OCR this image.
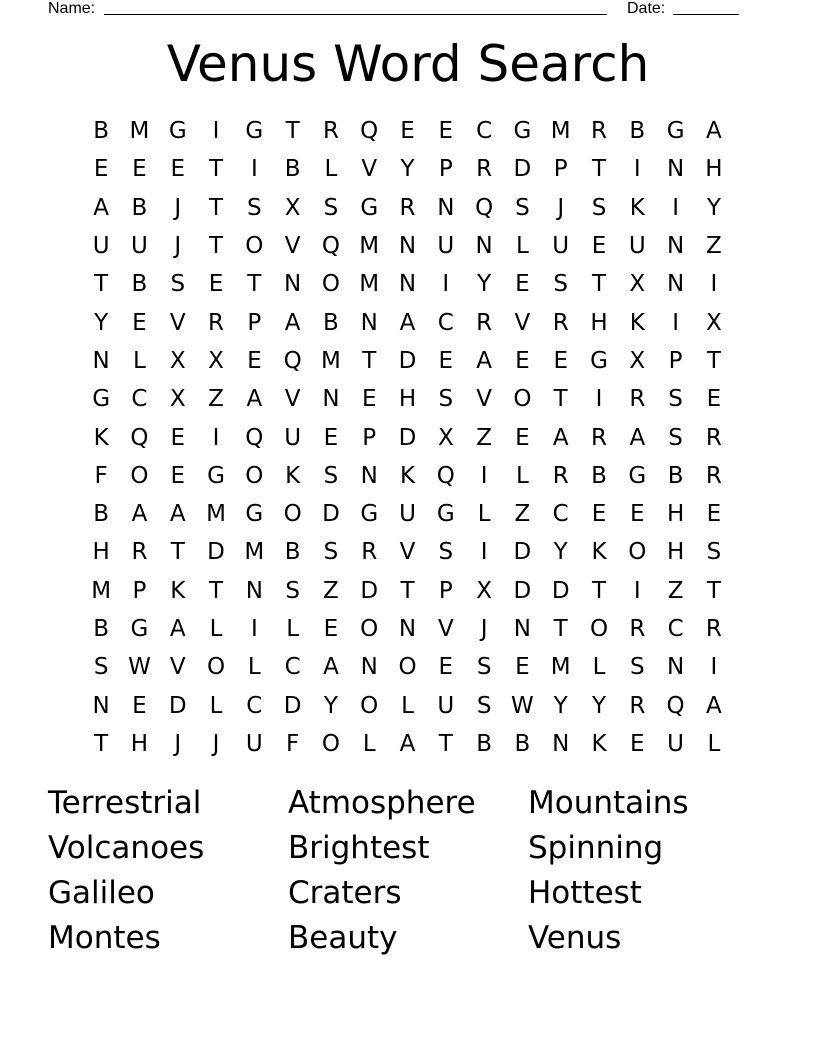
Name:	Date:
Venus Word Search
B M G	I	G T	R Q E	E C G M R B G A
E	E	E	T	I	B	L	V	Y	P	R D P	T	I	N H
A B	J	T	S	X	S G R N Q S	J	S	K	I	Y
U U	J	T O V Q M N U N	L	U E U N Z
T	B	S	E	T N O M N	I	Y	E	S	T	X N	I
Y	E	V R	P	A B N A C R V R H K	I	X
N	L	X X	E Q M T D E	A	E	E G X	P	T
G C X Z A V N E H S	V O T	I	R	S	E
K Q E	I	Q U E	P D X Z	E	A R A	S	R
F O E G O K	S N K Q	I	L	R B G B R
B A A M G O D G U G L	Z C	E	E H E
H R	T D M B	S	R V	S	I	D Y	K O H S
M P	K	T N S	Z D T	P	X D D T	I	Z	T
B G A	L	I	L	E O N V	J	N T O R C R
S W V O L	C A N O E	S	E M L	S N	I
N E D	L	C D Y O L	U S W Y	Y	R Q A
T H	J	J	U	F O L	A	T	B B N K	E U	L
Terrestrial	Atmosphere	Mountains
Volcanoes	Brightest	Spinning
Galileo	Craters	Hottest
Montes	Beauty	Venus
